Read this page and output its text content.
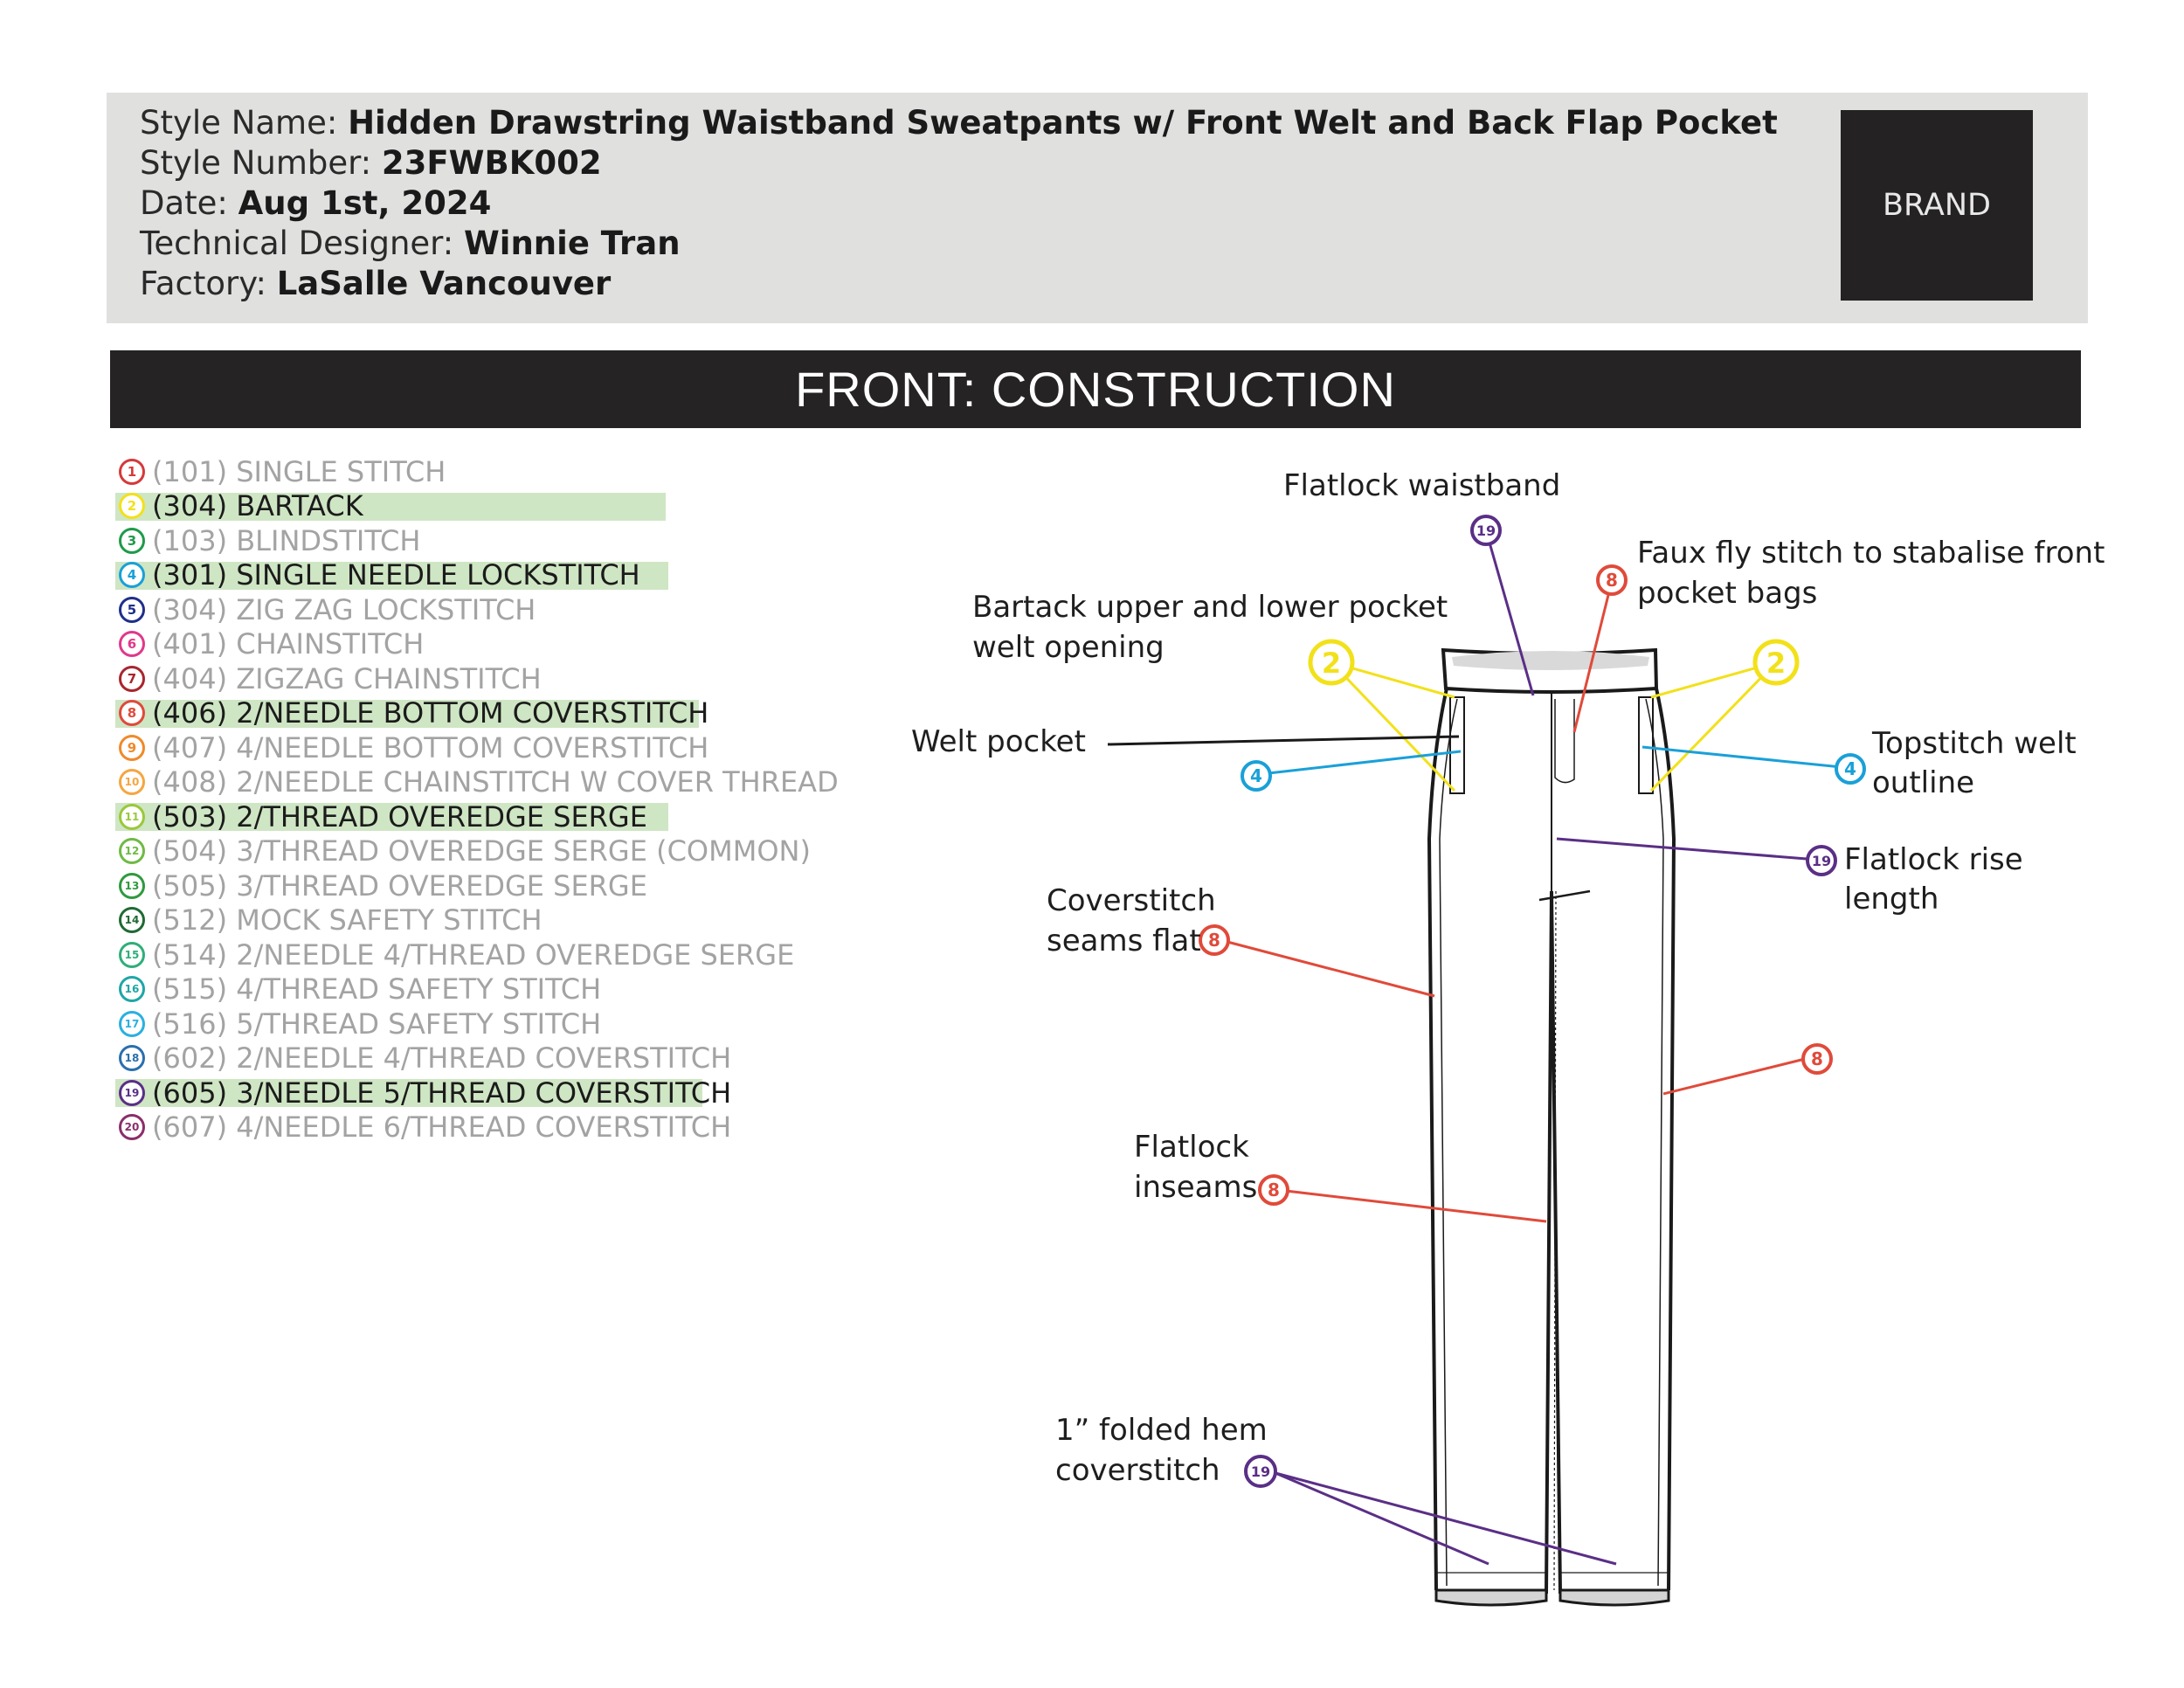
Style Name: Hidden Drawstring Waistband Sweatpants w/ Front Welt and Back Flap Pocket
Style Number: 23FWBK002
Date: Aug 1st, 2024
Technical Designer: Winnie Tran
Factory: LaSalle Vancouver
BRAND
FRONT: CONSTRUCTION
1 (101) SINGLE STITCH
2 (304) BARTACK
3 (103) BLINDSTITCH
4 (301) SINGLE NEEDLE LOCKSTITCH
5 (304) ZIG ZAG LOCKSTITCH
6 (401) CHAINSTITCH
7 (404) ZIGZAG CHAINSTITCH
8 (406) 2/NEEDLE BOTTOM COVERSTITCH
9 (407) 4/NEEDLE BOTTOM COVERSTITCH
10 (408) 2/NEEDLE CHAINSTITCH W COVER THREAD
11 (503) 2/THREAD OVEREDGE SERGE
12 (504) 3/THREAD OVEREDGE SERGE (COMMON)
13 (505) 3/THREAD OVEREDGE SERGE
14 (512) MOCK SAFETY STITCH
15 (514) 2/NEEDLE 4/THREAD OVEREDGE SERGE
16 (515) 4/THREAD SAFETY STITCH
17 (516) 5/THREAD SAFETY STITCH
18 (602) 2/NEEDLE 4/THREAD COVERSTITCH
19 (605) 3/NEEDLE 5/THREAD COVERSTITCH
20 (607) 4/NEEDLE 6/THREAD COVERSTITCH
19
8
2	2
4	4
19
8
8
8
19
Flatlock waistband
Faux fly stitch to stabalise front
pocket bags
Bartack upper and lower pocket
welt opening
Welt pocket	Topstitch welt
outline
Flatlock rise
length
Coverstitch
seams flat
Flatlock
inseams
1” folded hem
coverstitch
